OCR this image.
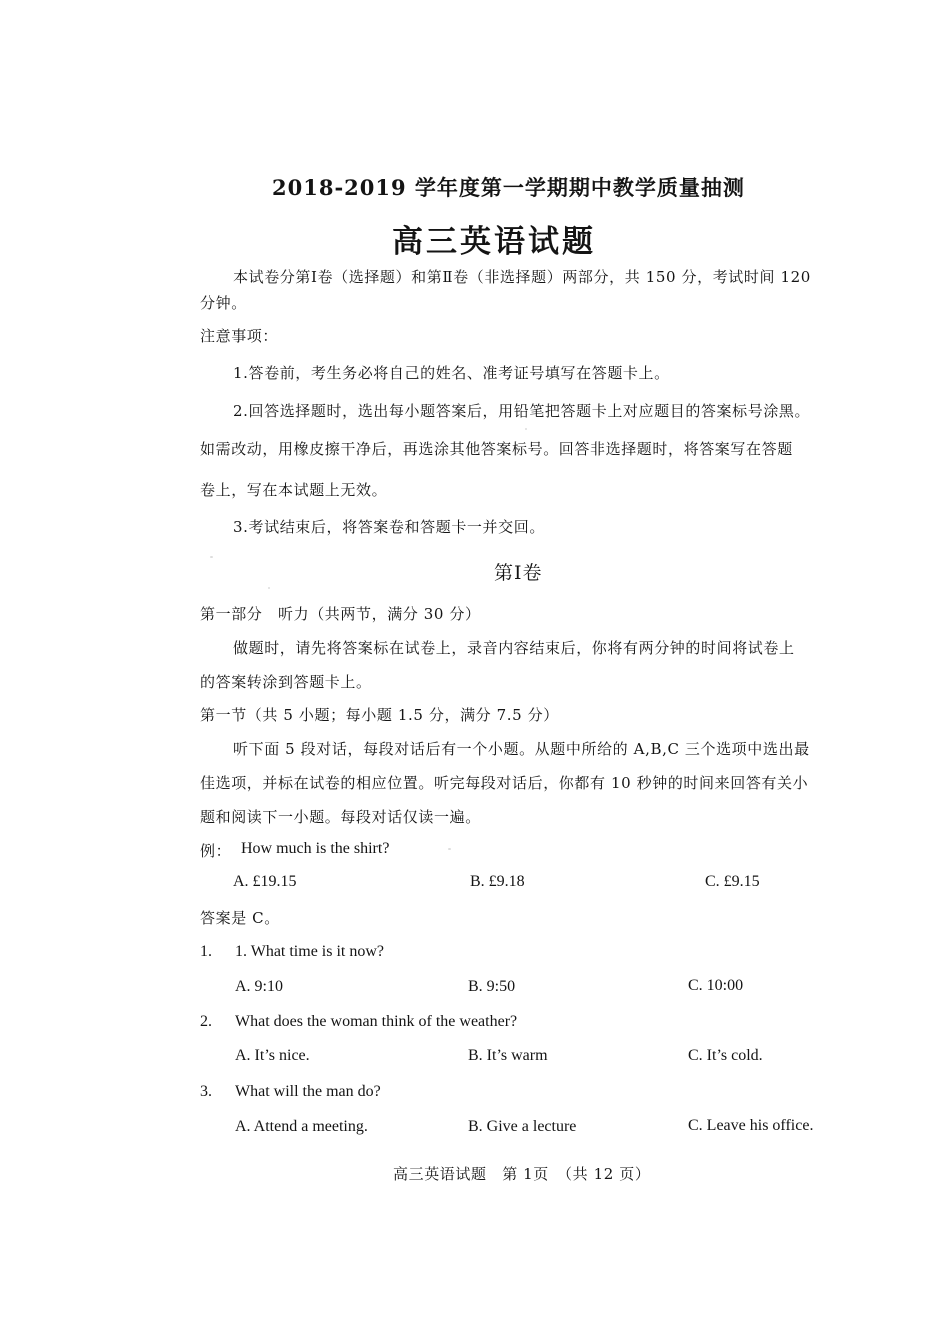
2018-2019 学年度第一学期期中教学质量抽测
高三英语试题
本试卷分第Ⅰ卷（选择题）和第Ⅱ卷（非选择题）两部分，共 150 分，考试时间 120
分钟。
注意事项：
1.答卷前，考生务必将自己的姓名、准考证号填写在答题卡上。
2.回答选择题时，选出每小题答案后，用铅笔把答题卡上对应题目的答案标号涂黑。
如需改动，用橡皮擦干净后，再选涂其他答案标号。回答非选择题时，将答案写在答题
卷上，写在本试题上无效。
3.考试结束后，将答案卷和答题卡一并交回。
第Ⅰ卷
第一部分　听力（共两节，满分 30 分）
做题时，请先将答案标在试卷上，录音内容结束后，你将有两分钟的时间将试卷上
的答案转涂到答题卡上。
第一节（共 5 小题；每小题 1.5 分，满分 7.5 分）
听下面 5 段对话，每段对话后有一个小题。从题中所给的 A,B,C 三个选项中选出最
佳选项，并标在试卷的相应位置。听完每段对话后，你都有 10 秒钟的时间来回答有关小
题和阅读下一小题。每段对话仅读一遍。
例： How much is the shirt?
A. £19.15	B. £9.18	C. £9.15
答案是 C。
1. 1. What time is it now?
A. 9:10	B. 9:50	C. 10:00
2. What does the woman think of the weather?
A. It’s nice.	B. It’s warm	C. It’s cold.
3. What will the man do?
A. Attend a meeting.	B. Give a lecture	C. Leave his office.
高三英语试题　第 1页　（共 12 页）
